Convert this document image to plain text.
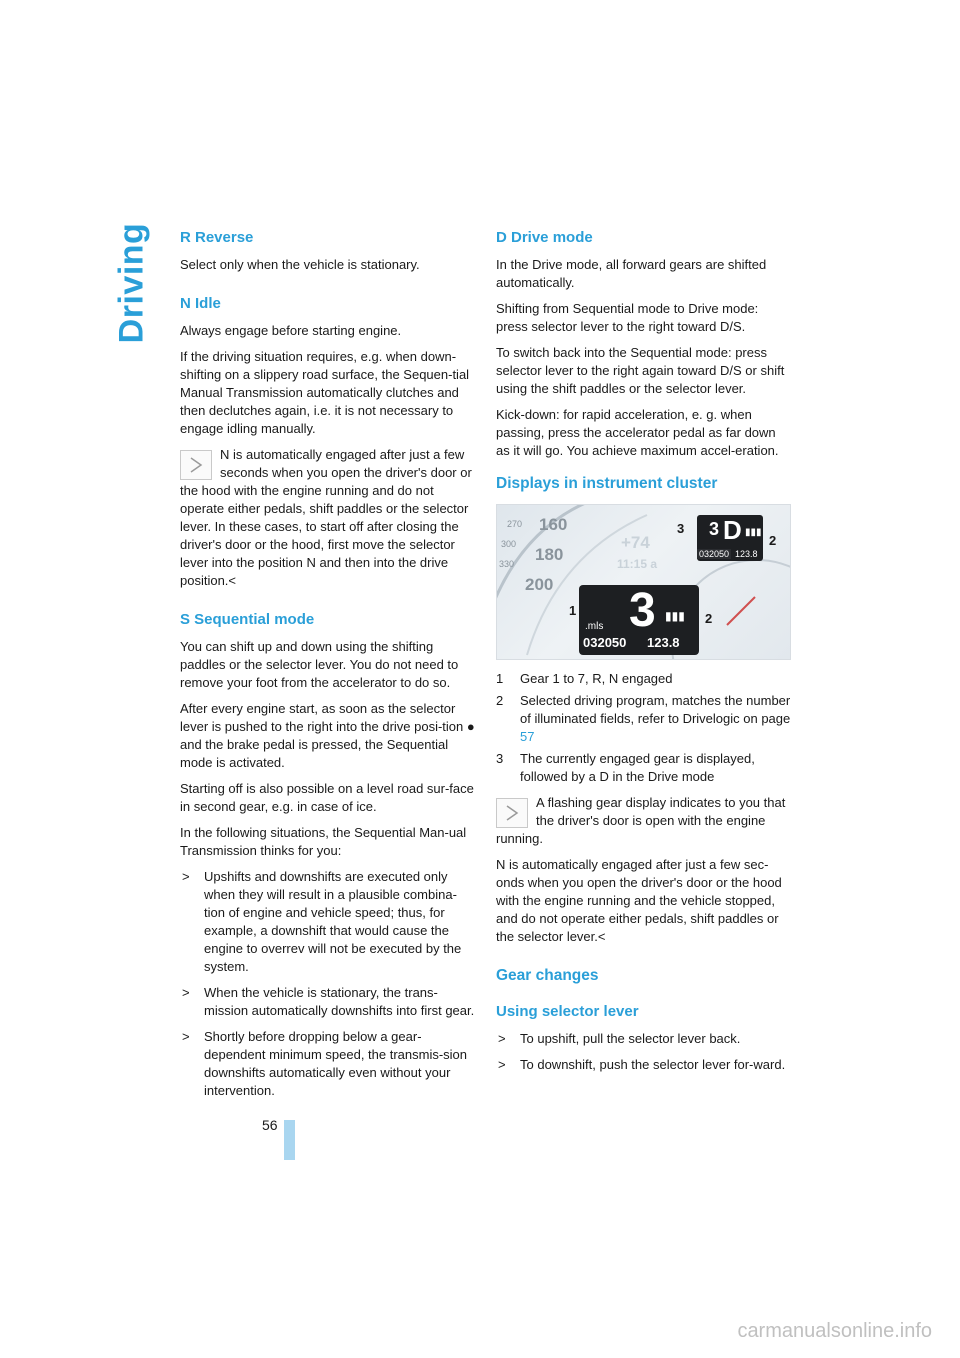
Driving R Reverse

Select only when the vehicle is stationary.

N Idle

Always engage before starting engine.

If the driving situation requires, e.g. when down-shifting on a slippery road surface, the Sequen-tial Manual Transmission automatically clutches and then declutches again, i.e. it is not necessary to engage idling manually.

N is automatically engaged after just a few seconds when you open the driver's door or the hood with the engine running and do not operate either pedals, shift paddles or the selector lever. In these cases, to start off after closing the driver's door or the hood, first move the selector lever into the position N and then into the drive position.<
S Sequential mode

You can shift up and down using the shifting paddles or the selector lever. You do not need to remove your foot from the accelerator to do so.

After every engine start, as soon as the selector lever is pushed to the right into the drive posi-tion ● and the brake pedal is pressed, the Sequential mode is activated.

Starting off is also possible on a level road sur-face in second gear, e.g. in case of ice.

In the following situations, the Sequential Man-ual Transmission thinks for you:

> Upshifts and downshifts are executed only when they will result in a plausible combina-tion of engine and vehicle speed; thus, for example, a downshift that would cause the engine to overrev will not be executed by the system.
> When the vehicle is stationary, the trans-mission automatically downshifts into first gear.
> Shortly before dropping below a gear-dependent minimum speed, the transmis-sion downshifts automatically even without your intervention.
D Drive mode

In the Drive mode, all forward gears are shifted automatically.

Shifting from Sequential mode to Drive mode: press selector lever to the right toward D/S.

To switch back into the Sequential mode: press selector lever to the right again toward D/S or shift using the shift paddles or the selector lever.

Kick-down: for rapid acceleration, e. g. when passing, press the accelerator pedal as far down as it will go. You achieve maximum accel-eration.

Displays in instrument cluster
160
180
200
270
300
330
+74
11:15 a
3 D ▮▮▮
032050 123.8
3
.mls
▮▮▮
032050 123.8
1
2
3
2
1 Gear 1 to 7, R, N engaged
2 Selected driving program, matches the number of illuminated fields, refer to Drivelogic on page 57
3 The currently engaged gear is displayed, followed by a D in the Drive mode
A flashing gear display indicates to you that the driver's door is open with the engine running.

N is automatically engaged after just a few sec-onds when you open the driver's door or the hood with the engine running and the vehicle stopped, and do not operate either pedals, shift paddles or the selector lever.<

Gear changes
Using selector lever
> To upshift, pull the selector lever back.
> To downshift, push the selector lever for-ward.
56
carmanualsonline.info
